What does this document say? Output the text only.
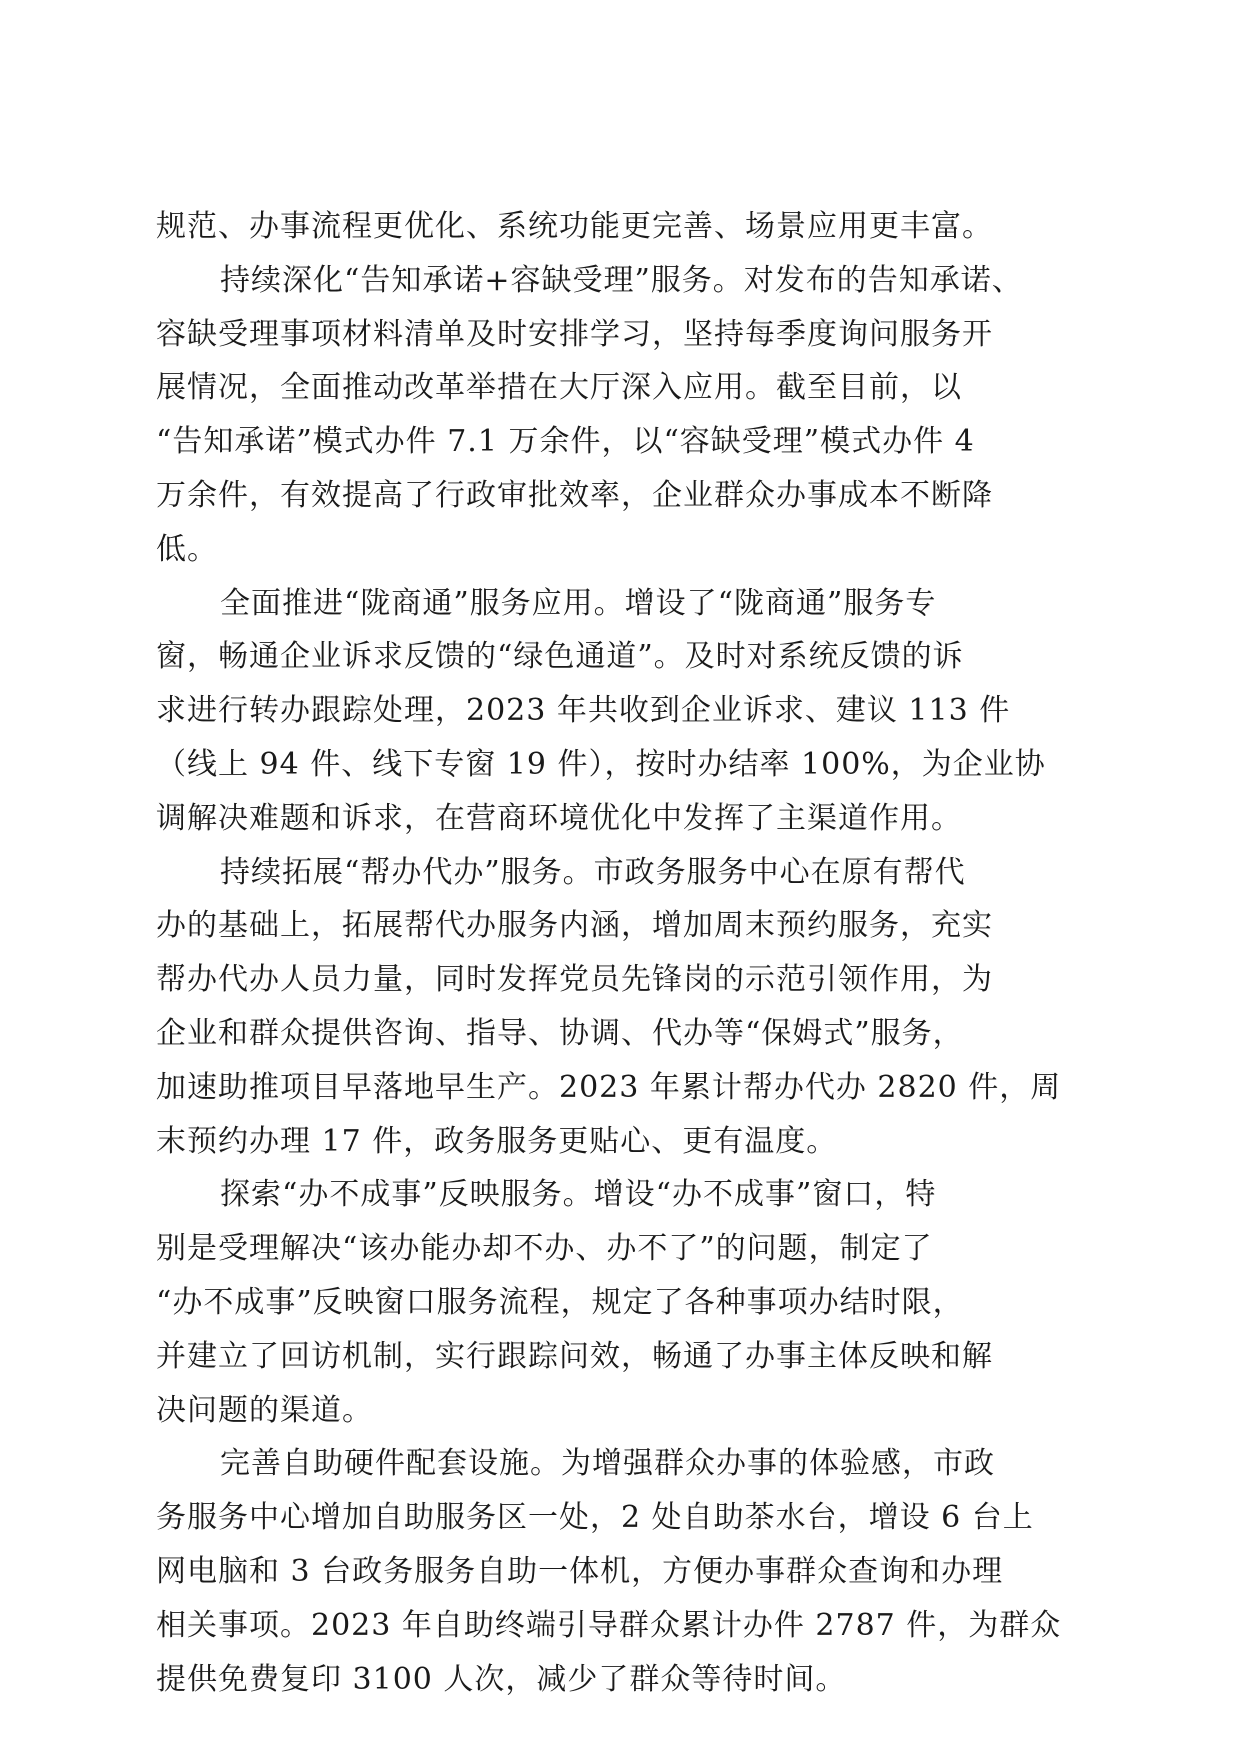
规范、办事流程更优化、系统功能更完善、场景应用更丰富。
持续深化“告知承诺+容缺受理”服务。对发布的告知承诺、
容缺受理事项材料清单及时安排学习，坚持每季度询问服务开
展情况，全面推动改革举措在大厅深入应用。截至目前，以
“告知承诺”模式办件 7.1 万余件，以“容缺受理”模式办件 4
万余件，有效提高了行政审批效率，企业群众办事成本不断降
低。
全面推进“陇商通”服务应用。增设了“陇商通”服务专
窗，畅通企业诉求反馈的“绿色通道”。及时对系统反馈的诉
求进行转办跟踪处理，2023 年共收到企业诉求、建议 113 件
（线上 94 件、线下专窗 19 件），按时办结率 100%，为企业协
调解决难题和诉求，在营商环境优化中发挥了主渠道作用。
持续拓展“帮办代办”服务。市政务服务中心在原有帮代
办的基础上，拓展帮代办服务内涵，增加周末预约服务，充实
帮办代办人员力量，同时发挥党员先锋岗的示范引领作用，为
企业和群众提供咨询、指导、协调、代办等“保姆式”服务，
加速助推项目早落地早生产。2023 年累计帮办代办 2820 件，周
末预约办理 17 件，政务服务更贴心、更有温度。
探索“办不成事”反映服务。增设“办不成事”窗口，特
别是受理解决“该办能办却不办、办不了”的问题，制定了
“办不成事”反映窗口服务流程，规定了各种事项办结时限，
并建立了回访机制，实行跟踪问效，畅通了办事主体反映和解
决问题的渠道。
完善自助硬件配套设施。为增强群众办事的体验感，市政
务服务中心增加自助服务区一处，2 处自助茶水台，增设 6 台上
网电脑和 3 台政务服务自助一体机，方便办事群众查询和办理
相关事项。2023 年自助终端引导群众累计办件 2787 件，为群众
提供免费复印 3100 人次，减少了群众等待时间。
